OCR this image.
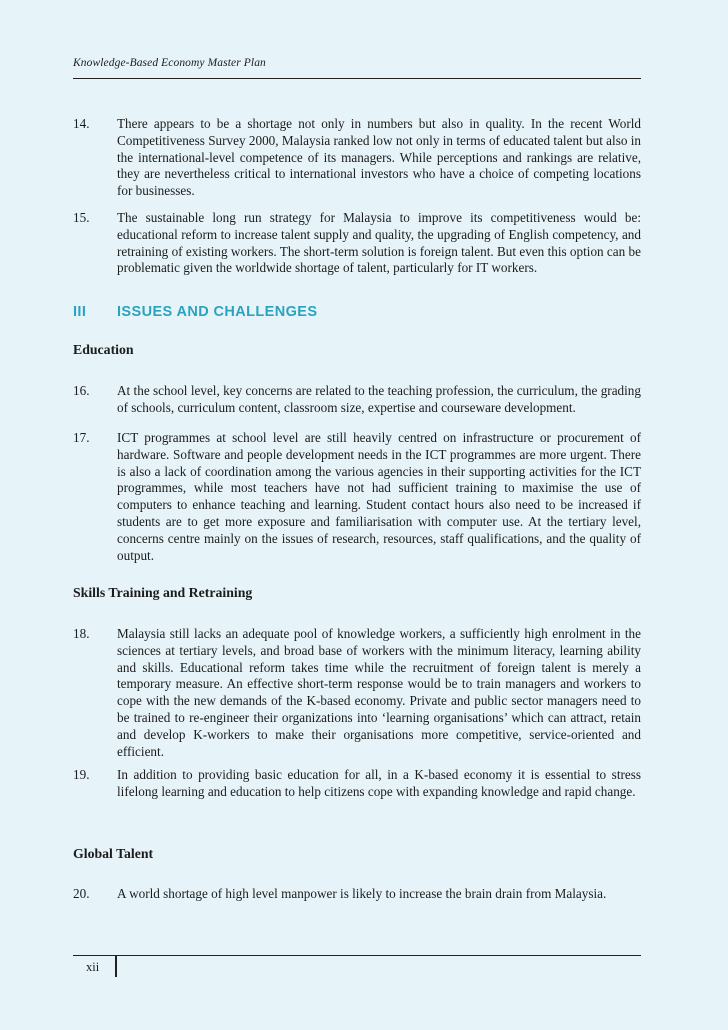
Knowledge-Based Economy Master Plan
14. There appears to be a shortage not only in numbers but also in quality. In the recent World Competitiveness Survey 2000, Malaysia ranked low not only in terms of educated talent but also in the international-level competence of its managers. While perceptions and rankings are relative, they are nevertheless critical to international investors who have a choice of competing locations for businesses.
15. The sustainable long run strategy for Malaysia to improve its competitiveness would be: educational reform to increase talent supply and quality, the upgrading of English competency, and retraining of existing workers. The short-term solution is foreign talent. But even this option can be problematic given the worldwide shortage of talent, particularly for IT workers.
III ISSUES AND CHALLENGES
Education
16. At the school level, key concerns are related to the teaching profession, the curriculum, the grading of schools, curriculum content, classroom size, expertise and courseware development.
17. ICT programmes at school level are still heavily centred on infrastructure or procurement of hardware. Software and people development needs in the ICT programmes are more urgent. There is also a lack of coordination among the various agencies in their supporting activities for the ICT programmes, while most teachers have not had sufficient training to maximise the use of computers to enhance teaching and learning. Student contact hours also need to be increased if students are to get more exposure and familiarisation with computer use. At the tertiary level, concerns centre mainly on the issues of research, resources, staff qualifications, and the quality of output.
Skills Training and Retraining
18. Malaysia still lacks an adequate pool of knowledge workers, a sufficiently high enrolment in the sciences at tertiary levels, and broad base of workers with the minimum literacy, learning ability and skills. Educational reform takes time while the recruitment of foreign talent is merely a temporary measure. An effective short-term response would be to train managers and workers to cope with the new demands of the K-based economy. Private and public sector managers need to be trained to re-engineer their organizations into ‘learning organisations’ which can attract, retain and develop K-workers to make their organisations more competitive, service-oriented and efficient.
19. In addition to providing basic education for all, in a K-based economy it is essential to stress lifelong learning and education to help citizens cope with expanding knowledge and rapid change.
Global Talent
20. A world shortage of high level manpower is likely to increase the brain drain from Malaysia.
xii
